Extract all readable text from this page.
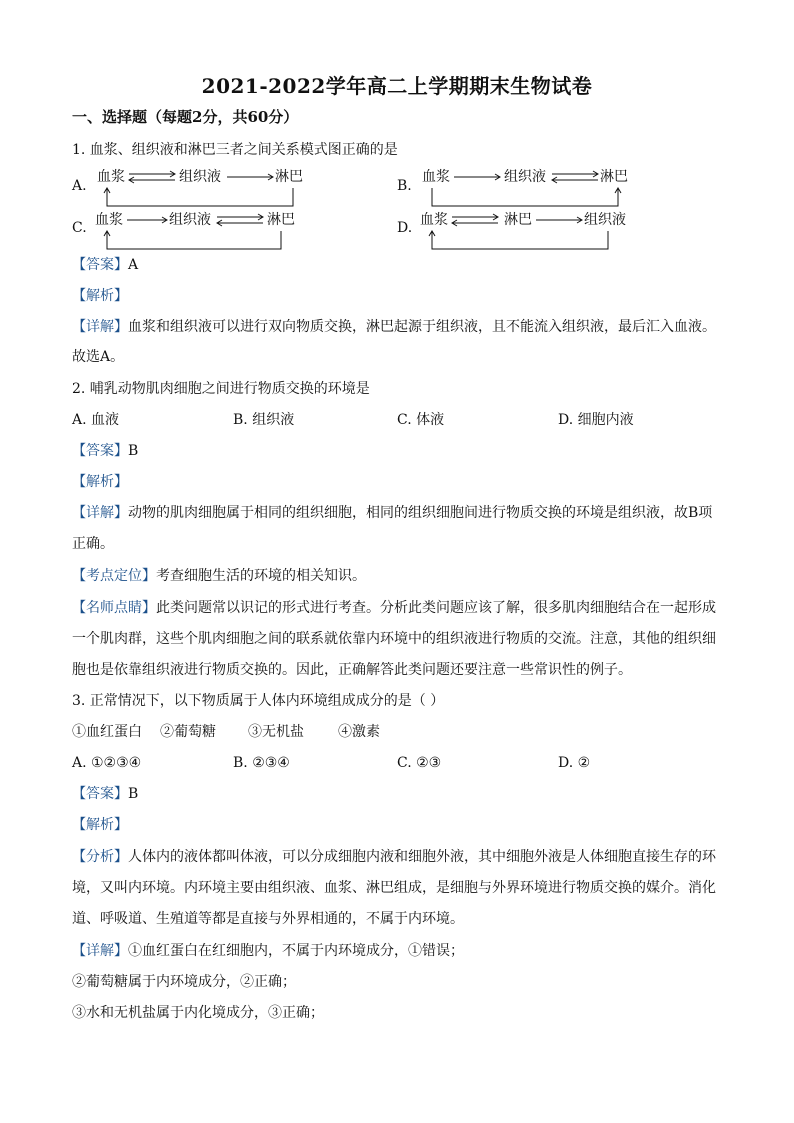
2021-2022学年高二上学期期末生物试卷
一、选择题（每题2分，共60分）
1. 血浆、组织液和淋巴三者之间关系模式图正确的是
A.
血浆	组织液	淋巴
B.
血浆	组织液	淋巴
C. 血浆	组织液	淋巴	D. 血浆	淋巴	组织液
【答案】A
【解析】
【详解】血浆和组织液可以进行双向物质交换，淋巴起源于组织液，且不能流入组织液，最后汇入血液。
故选A。
2. 哺乳动物肌肉细胞之间进行物质交换的环境是
A. 血液	B. 组织液	C. 体液	D. 细胞内液
【答案】B
【解析】
【详解】动物的肌肉细胞属于相同的组织细胞，相同的组织细胞间进行物质交换的环境是组织液，故B项
正确。
【考点定位】考查细胞生活的环境的相关知识。
【名师点睛】此类问题常以识记的形式进行考查。分析此类问题应该了解，很多肌肉细胞结合在一起形成
一个肌肉群，这些个肌肉细胞之间的联系就依靠内环境中的组织液进行物质的交流。注意，其他的组织细
胞也是依靠组织液进行物质交换的。因此，正确解答此类问题还要注意一些常识性的例子。
3. 正常情况下，以下物质属于人体内环境组成成分的是（ ）
①血红蛋白 ②葡萄糖 ③无机盐 ④激素
A. ①②③④	B. ②③④	C. ②③	D. ②
【答案】B
【解析】
【分析】人体内的液体都叫体液，可以分成细胞内液和细胞外液，其中细胞外液是人体细胞直接生存的环
境，又叫内环境。内环境主要由组织液、血浆、淋巴组成，是细胞与外界环境进行物质交换的媒介。消化
道、呼吸道、生殖道等都是直接与外界相通的，不属于内环境。
【详解】①血红蛋白在红细胞内，不属于内环境成分，①错误；
②葡萄糖属于内环境成分，②正确；
③水和无机盐属于内化境成分，③正确；
